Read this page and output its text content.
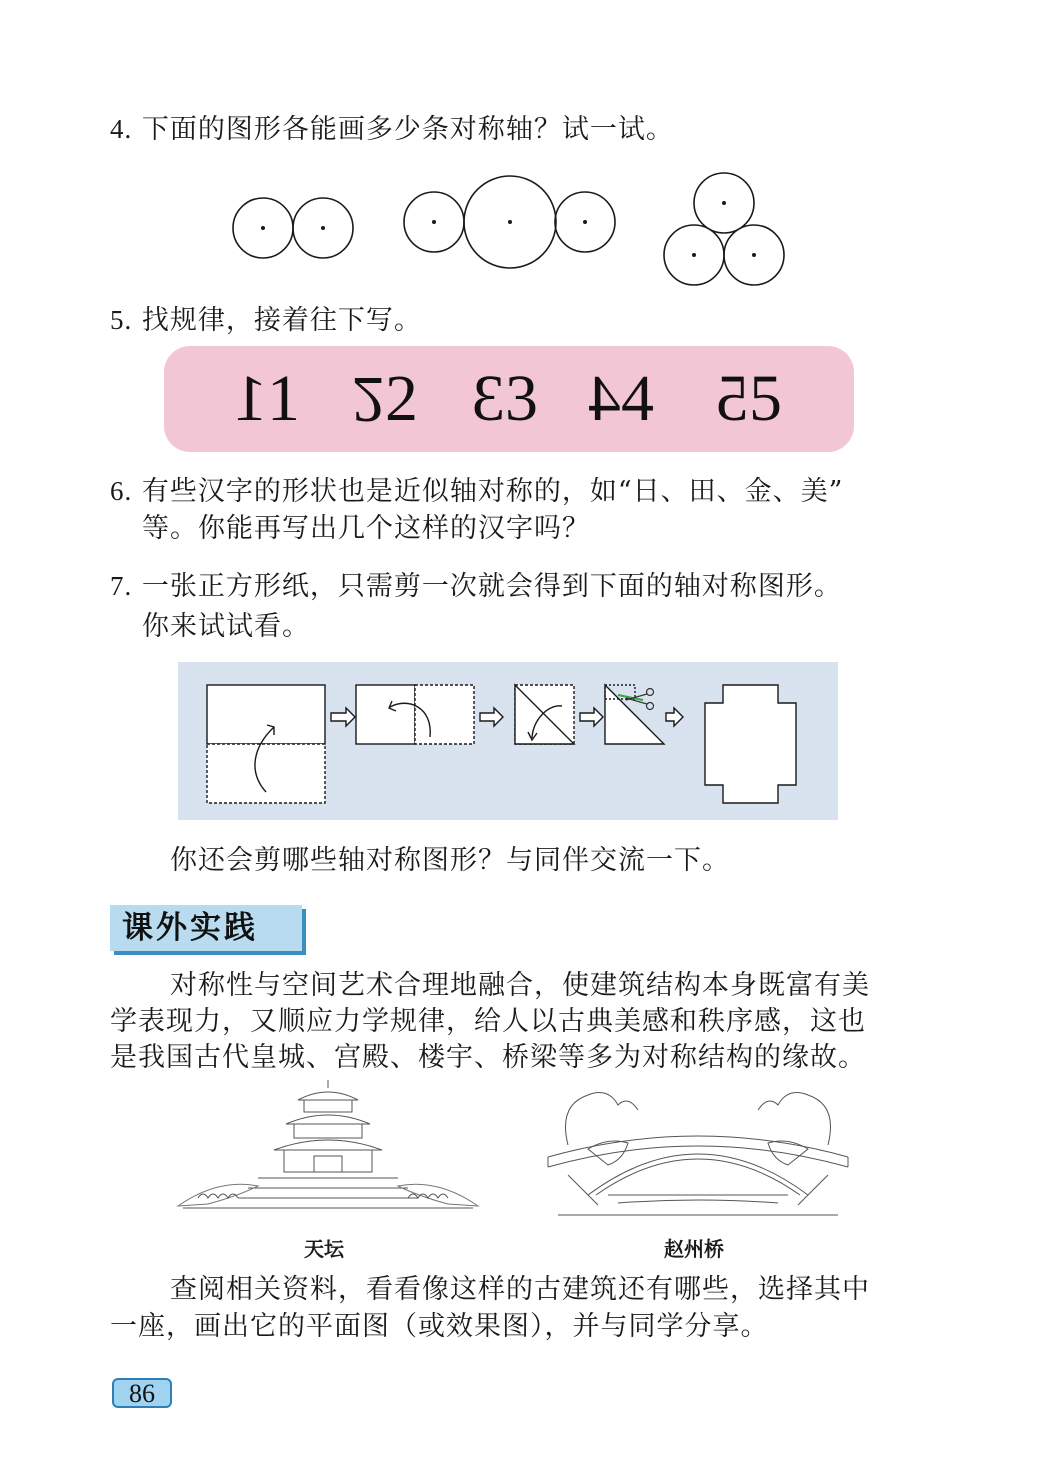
4. 下面的图形各能画多少条对称轴？试一试。
5. 找规律，接着往下写。
11 22 33 44 55
6. 有些汉字的形状也是近似轴对称的，如“日、田、金、美”
等。你能再写出几个这样的汉字吗？
7. 一张正方形纸，只需剪一次就会得到下面的轴对称图形。
你来试试看。
你还会剪哪些轴对称图形？与同伴交流一下。
课外实践
对称性与空间艺术合理地融合，使建筑结构本身既富有美
学表现力，又顺应力学规律，给人以古典美感和秩序感，这也
是我国古代皇城、宫殿、楼宇、桥梁等多为对称结构的缘故。
天坛	赵州桥
查阅相关资料，看看像这样的古建筑还有哪些，选择其中
一座，画出它的平面图（或效果图），并与同学分享。
86
